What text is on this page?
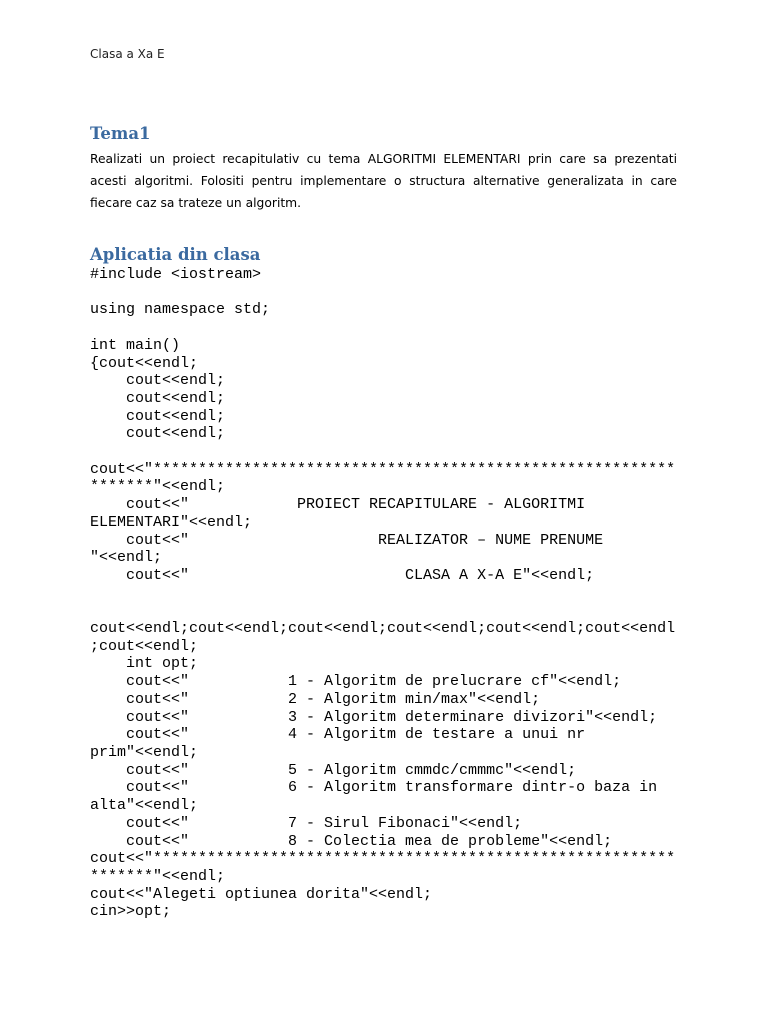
Clasa a Xa E
Tema1

Realizati un proiect recapitulativ cu tema ALGORITMI ELEMENTARI prin care sa prezentati acesti algoritmi. Folositi pentru implementare o structura alternative generalizata in care fiecare caz sa trateze un algoritm.

Aplicatia din clasa
#include <iostream>

using namespace std;

int main()
{cout<<endl;
cout<<endl;
cout<<endl;
cout<<endl;
cout<<endl;

cout<<"**********************************************************
*******"<<endl;
cout<<"            PROIECT RECAPITULARE - ALGORITMI
ELEMENTARI"<<endl;
cout<<"                     REALIZATOR – NUME PRENUME
"<<endl;
cout<<"                        CLASA A X-A E"<<endl;

cout<<endl;cout<<endl;cout<<endl;cout<<endl;cout<<endl;cout<<endl
;cout<<endl;
int opt;
cout<<"           1 - Algoritm de prelucrare cf"<<endl;
cout<<"           2 - Algoritm min/max"<<endl;
cout<<"           3 - Algoritm determinare divizori"<<endl;
cout<<"           4 - Algoritm de testare a unui nr
prim"<<endl;
cout<<"           5 - Algoritm cmmdc/cmmmc"<<endl;
cout<<"           6 - Algoritm transformare dintr-o baza in
alta"<<endl;
cout<<"           7 - Sirul Fibonaci"<<endl;
cout<<"           8 - Colectia mea de probleme"<<endl;
cout<<"**********************************************************
*******"<<endl;
cout<<"Alegeti optiunea dorita"<<endl;
cin>>opt;
